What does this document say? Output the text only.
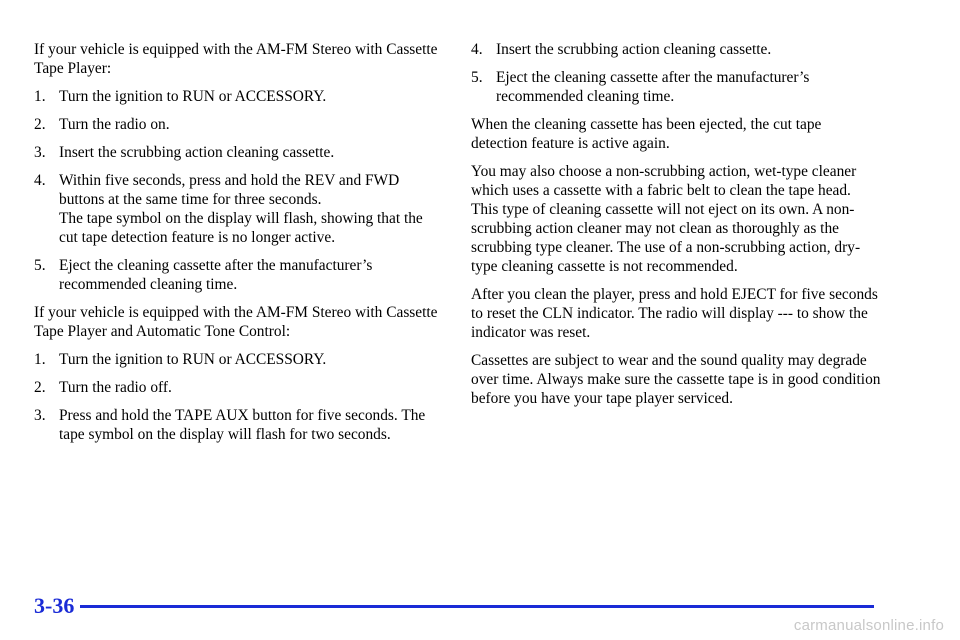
If your vehicle is equipped with the AM-FM Stereo with Cassette Tape Player:

1. Turn the ignition to RUN or ACCESSORY.
2. Turn the radio on.
3. Insert the scrubbing action cleaning cassette.
4. Within five seconds, press and hold the REV and FWD buttons at the same time for three seconds.
The tape symbol on the display will flash, showing that the cut tape detection feature is no longer active.
5. Eject the cleaning cassette after the manufacturer’s recommended cleaning time.

If your vehicle is equipped with the AM-FM Stereo with Cassette Tape Player and Automatic Tone Control:

1. Turn the ignition to RUN or ACCESSORY.
2. Turn the radio off.
3. Press and hold the TAPE AUX button for five seconds. The tape symbol on the display will flash for two seconds.
4. Insert the scrubbing action cleaning cassette.
5. Eject the cleaning cassette after the manufacturer’s recommended cleaning time.

When the cleaning cassette has been ejected, the cut tape detection feature is active again.

You may also choose a non-scrubbing action, wet-type cleaner which uses a cassette with a fabric belt to clean the tape head. This type of cleaning cassette will not eject on its own. A non-scrubbing action cleaner may not clean as thoroughly as the scrubbing type cleaner. The use of a non-scrubbing action, dry-type cleaning cassette is not recommended.

After you clean the player, press and hold EJECT for five seconds to reset the CLN indicator. The radio will display --- to show the indicator was reset.

Cassettes are subject to wear and the sound quality may degrade over time. Always make sure the cassette tape is in good condition before you have your tape player serviced.

3-36
carmanualsonline.info
